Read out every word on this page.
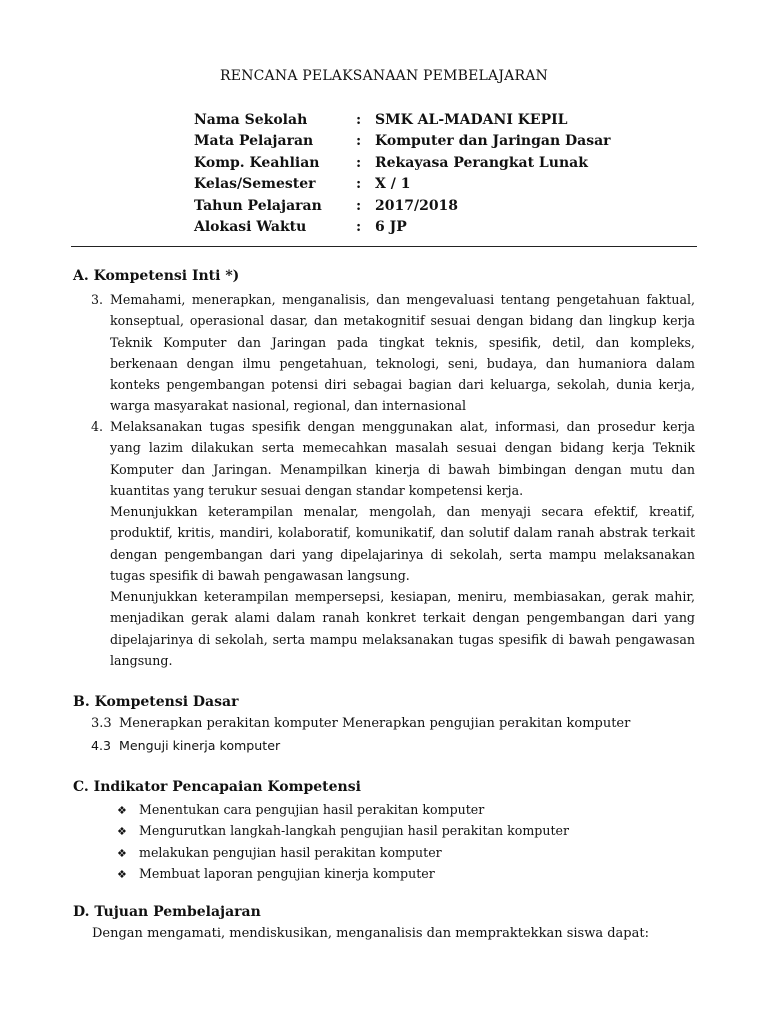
RENCANA PELAKSANAAN PEMBELAJARAN
Nama Sekolah	: SMK AL-MADANI KEPIL
Mata Pelajaran	: Komputer dan Jaringan Dasar
Komp. Keahlian	: Rekayasa Perangkat Lunak
Kelas/Semester	: X / 1
Tahun Pelajaran : 2017/2018
Alokasi Waktu	: 6 JP
A. Kompetensi Inti *)
3. Memahami, menerapkan, menganalisis, dan mengevaluasi tentang pengetahuan faktual, konseptual, operasional dasar, dan metakognitif sesuai dengan bidang dan lingkup kerja Teknik Komputer dan Jaringan pada tingkat teknis, spesifik, detil, dan kompleks, berkenaan dengan ilmu pengetahuan, teknologi, seni, budaya, dan humaniora dalam konteks pengembangan potensi diri sebagai bagian dari keluarga, sekolah, dunia kerja, warga masyarakat nasional, regional, dan internasional
4. Melaksanakan tugas spesifik dengan menggunakan alat, informasi, dan prosedur kerja yang lazim dilakukan serta memecahkan masalah sesuai dengan bidang kerja Teknik Komputer dan Jaringan. Menampilkan kinerja di bawah bimbingan dengan mutu dan kuantitas yang terukur sesuai dengan standar kompetensi kerja.
Menunjukkan keterampilan menalar, mengolah, dan menyaji secara efektif, kreatif, produktif, kritis, mandiri, kolaboratif, komunikatif, dan solutif dalam ranah abstrak terkait dengan pengembangan dari yang dipelajarinya di sekolah, serta mampu melaksanakan tugas spesifik di bawah pengawasan langsung.
Menunjukkan keterampilan mempersepsi, kesiapan, meniru, membiasakan, gerak mahir, menjadikan gerak alami dalam ranah konkret terkait dengan pengembangan dari yang dipelajarinya di sekolah, serta mampu melaksanakan tugas spesifik di bawah pengawasan langsung.
B. Kompetensi Dasar
3.3 Menerapkan perakitan komputer Menerapkan pengujian perakitan komputer
4.3 Menguji kinerja komputer
C. Indikator Pencapaian Kompetensi
❖ Menentukan cara pengujian hasil perakitan komputer
❖ Mengurutkan langkah-langkah pengujian hasil perakitan komputer
❖ melakukan pengujian hasil perakitan komputer
❖ Membuat laporan pengujian kinerja komputer
D. Tujuan Pembelajaran
Dengan mengamati, mendiskusikan, menganalisis dan mempraktekkan siswa dapat:
